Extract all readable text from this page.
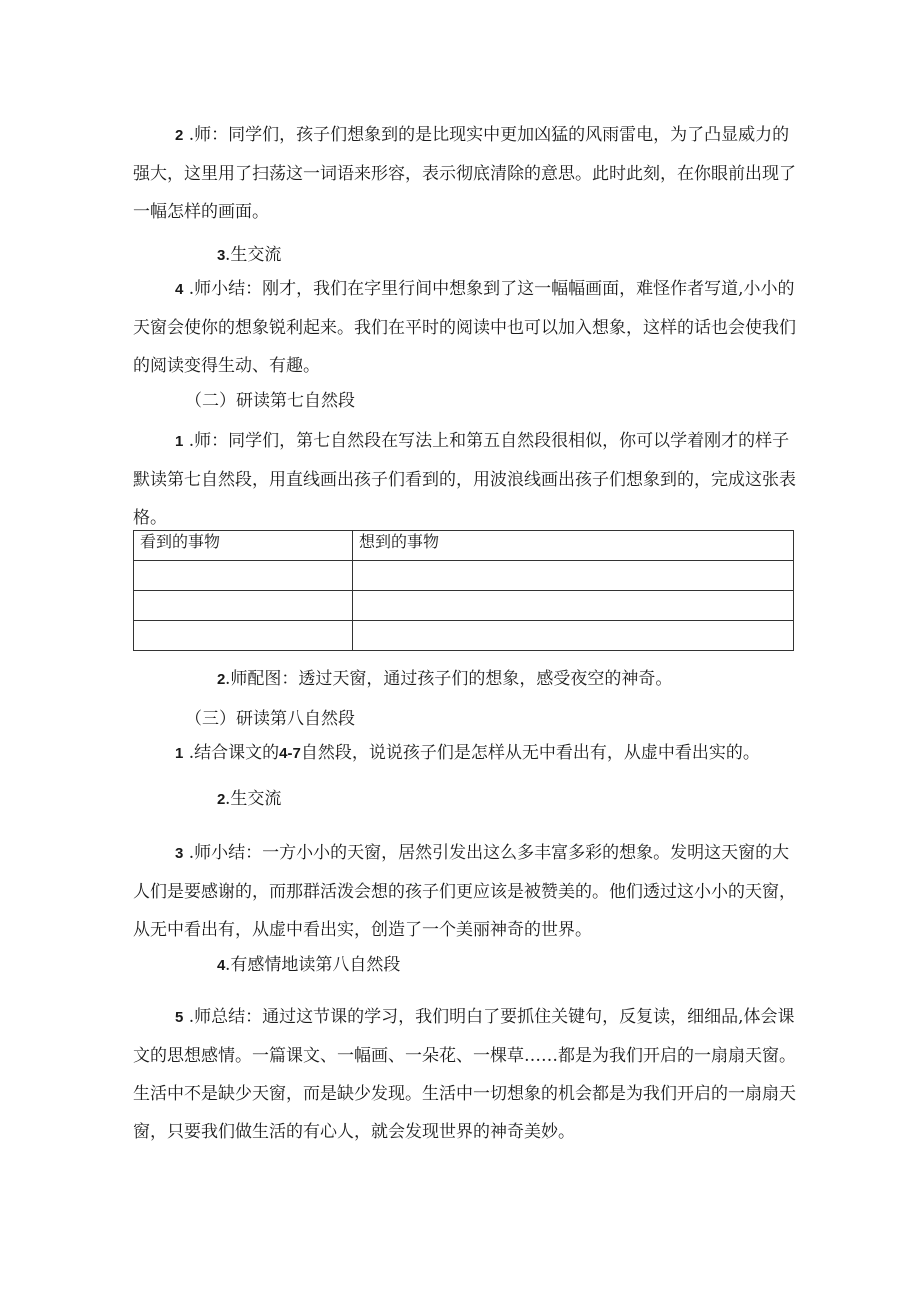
2 .师：同学们，孩子们想象到的是比现实中更加凶猛的风雨雷电，为了凸显威力的强大，这里用了扫荡这一词语来形容，表示彻底清除的意思。此时此刻，在你眼前出现了一幅怎样的画面。

3.生交流

4 .师小结：刚才，我们在字里行间中想象到了这一幅幅画面，难怪作者写道,小小的天窗会使你的想象锐利起来。我们在平时的阅读中也可以加入想象，这样的话也会使我们的阅读变得生动、有趣。

（二）研读第七自然段

1 .师：同学们，第七自然段在写法上和第五自然段很相似，你可以学着刚才的样子默读第七自然段，用直线画出孩子们看到的，用波浪线画出孩子们想象到的，完成这张表格。

看到的事物	想到的事物

2.师配图：透过天窗，通过孩子们的想象，感受夜空的神奇。

（三）研读第八自然段

1 .结合课文的4-7自然段，说说孩子们是怎样从无中看出有，从虚中看出实的。

2.生交流

3 .师小结：一方小小的天窗，居然引发出这么多丰富多彩的想象。发明这天窗的大人们是要感谢的，而那群活泼会想的孩子们更应该是被赞美的。他们透过这小小的天窗，从无中看出有，从虚中看出实，创造了一个美丽神奇的世界。

4.有感情地读第八自然段

5 .师总结：通过这节课的学习，我们明白了要抓住关键句，反复读，细细品,体会课文的思想感情。一篇课文、一幅画、一朵花、一棵草……都是为我们开启的一扇扇天窗。生活中不是缺少天窗，而是缺少发现。生活中一切想象的机会都是为我们开启的一扇扇天窗，只要我们做生活的有心人，就会发现世界的神奇美妙。
